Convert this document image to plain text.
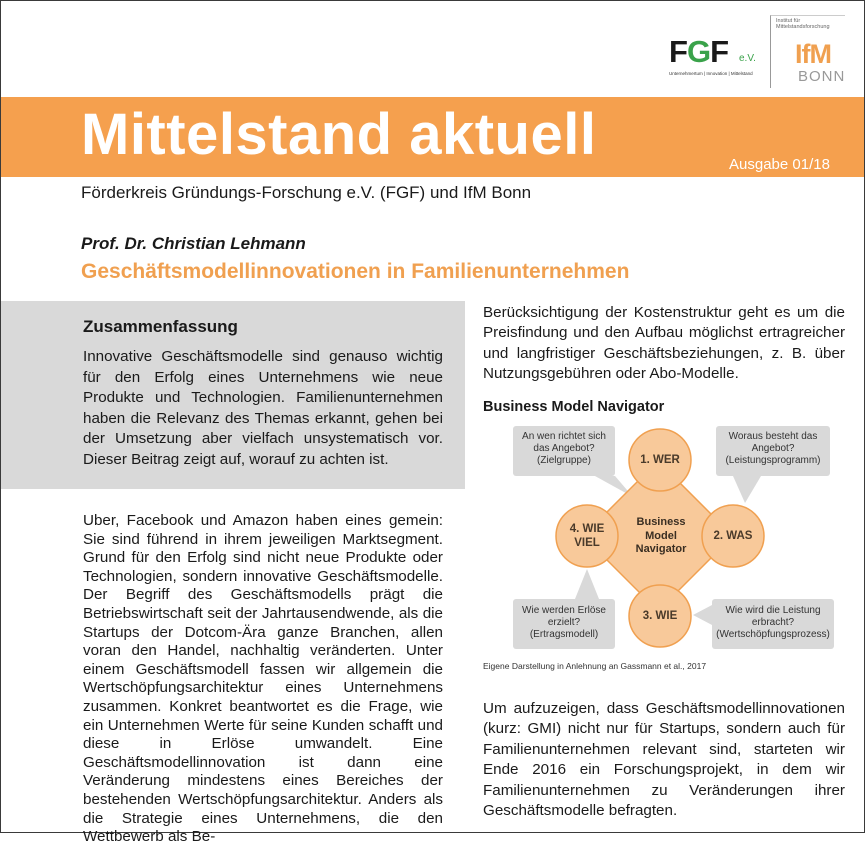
FGF e.V.
Unternehmertum | Innovation | Mittelstand
Institut für Mittelstandsforschung
IfM
BONN
Mittelstand aktuell	Ausgabe 01/18
Förderkreis Gründungs-Forschung e.V. (FGF) und IfM Bonn
Prof. Dr. Christian Lehmann
Geschäftsmodellinnovationen in Familienunternehmen
Zusammenfassung
Innovative Geschäftsmodelle sind genauso wichtig für den Erfolg eines Unternehmens wie neue Produkte und Technologien. Familienunternehmen haben die Relevanz des Themas erkannt, gehen bei der Umsetzung aber vielfach unsystematisch vor. Dieser Beitrag zeigt auf, worauf zu achten ist.
Uber, Facebook und Amazon haben eines gemein: Sie sind führend in ihrem jeweiligen Marktsegment. Grund für den Erfolg sind nicht neue Produkte oder Technologien, sondern innovative Geschäftsmodelle. Der Begriff des Geschäftsmodells prägt die Betriebswirtschaft seit der Jahrtausendwende, als die Startups der Dotcom-Ära ganze Branchen, allen voran den Handel, nachhaltig veränderten. Unter einem Geschäftsmodell fassen wir allgemein die Wertschöpfungsarchitektur eines Unternehmens zusammen. Konkret beantwortet es die Frage, wie ein Unternehmen Werte für seine Kunden schafft und diese in Erlöse umwandelt. Eine Geschäftsmodellinnovation ist dann eine Veränderung mindestens eines Bereiches der bestehenden Wertschöpfungsarchitektur. Anders als die Strategie eines Unternehmens, die den Wettbewerb als Be-
Berücksichtigung der Kostenstruktur geht es um die Preisfindung und den Aufbau möglichst ertragreicher und langfristiger Geschäftsbeziehungen, z. B. über Nutzungsgebühren oder Abo-Modelle.
Business Model Navigator
An wen richtet sich das Angebot? (Zielgruppe)
Woraus besteht das Angebot? (Leistungsprogramm)
Wie werden Erlöse erzielt? (Ertragsmodell)
Wie wird die Leistung erbracht? (Wertschöpfungsprozess)
1. WER
2. WAS
3. WIE
4. WIE VIEL
Business Model Navigator
Eigene Darstellung in Anlehnung an Gassmann et al., 2017
Um aufzuzeigen, dass Geschäftsmodellinnovationen (kurz: GMI) nicht nur für Startups, sondern auch für Familienunternehmen relevant sind, starteten wir Ende 2016 ein Forschungsprojekt, in dem wir Familienunternehmen zu Veränderungen ihrer Geschäftsmodelle befragten.
